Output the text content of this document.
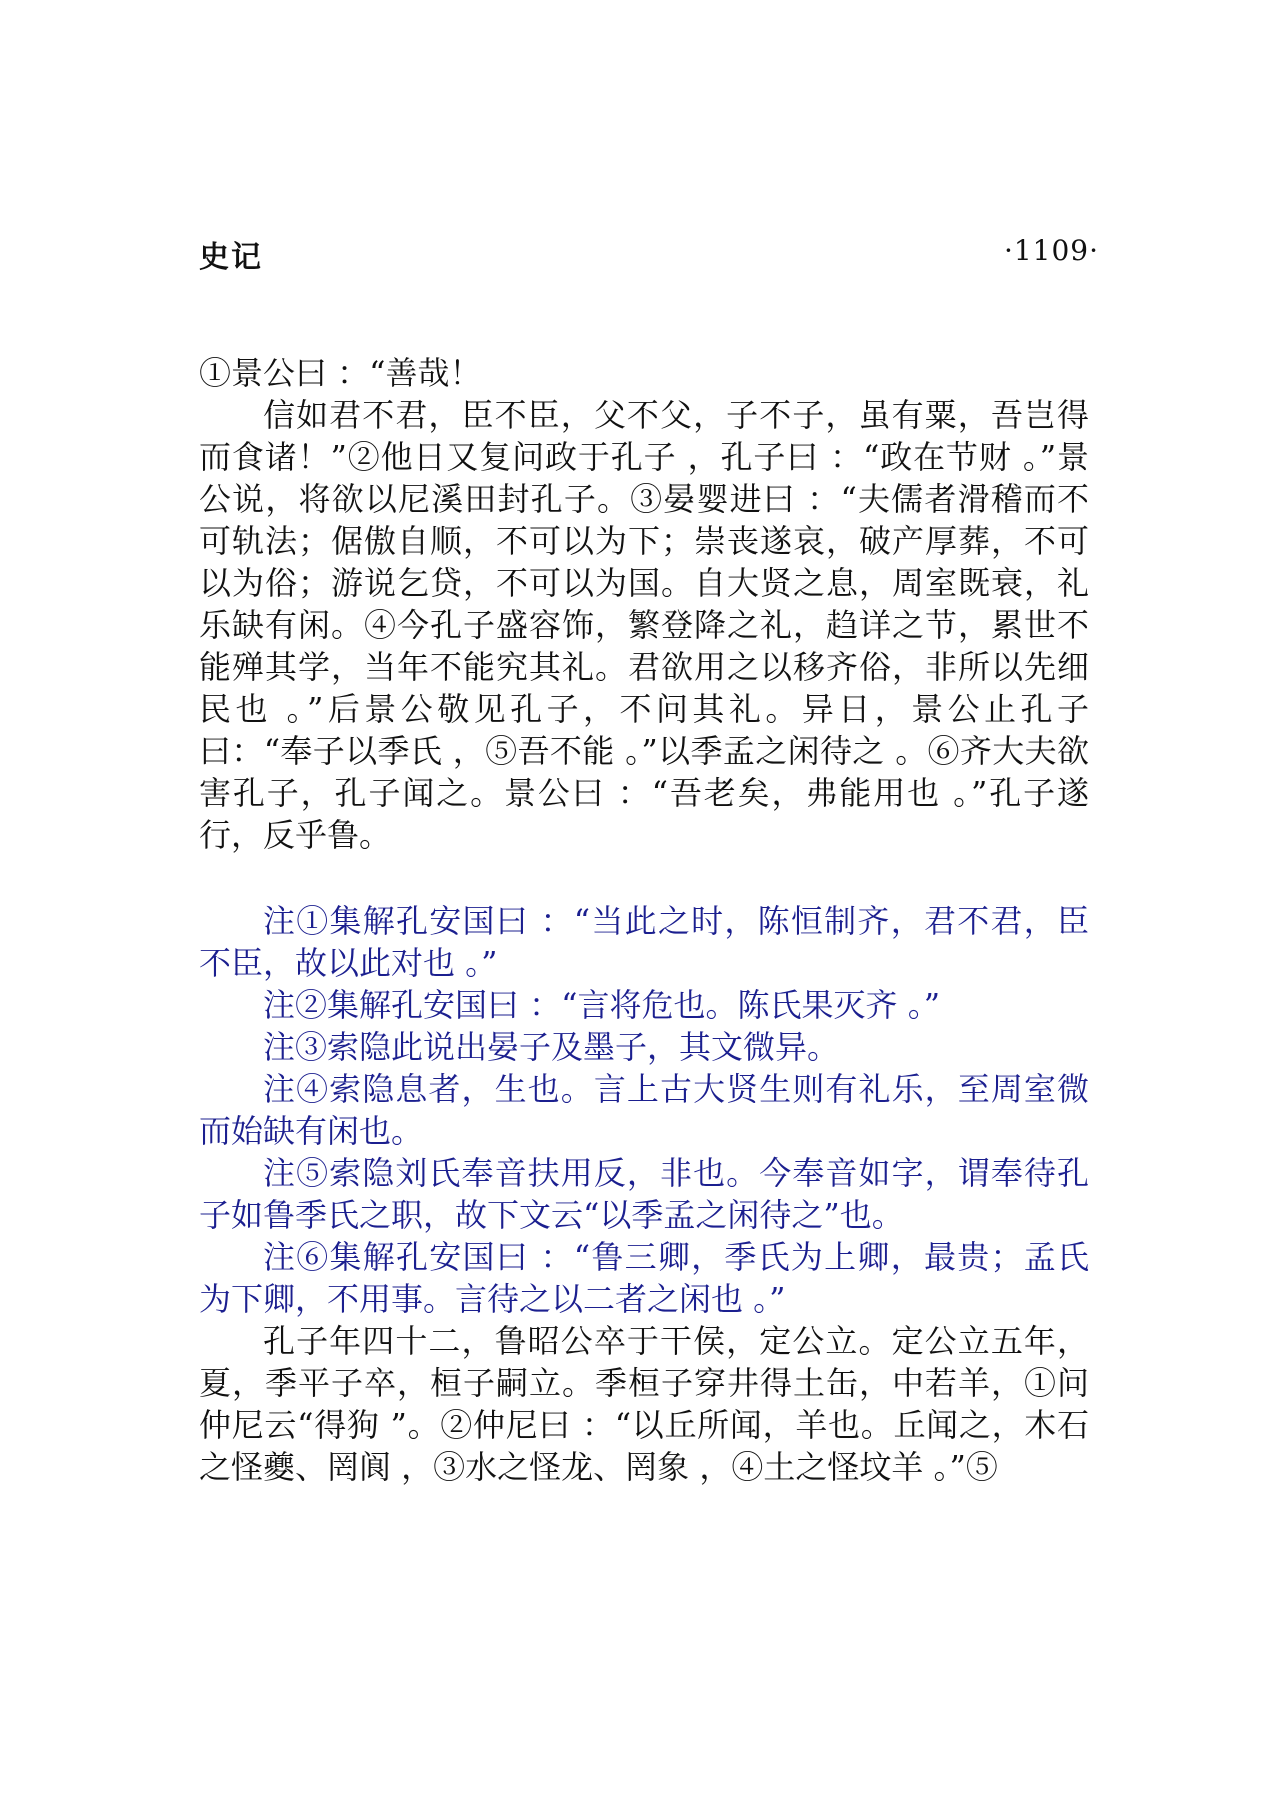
史记	·1109·

①景公曰 ：“善哉！

信如君不君，臣不臣，父不父，子不子，虽有粟，吾岂得而食诸！”②他日又复问政于孔子 ，孔子曰 ：“政在节财 。”景公说，将欲以尼溪田封孔子。③晏婴进曰 ：“夫儒者滑稽而不可轨法；倨傲自顺，不可以为下；崇丧遂哀，破产厚葬，不可以为俗；游说乞贷，不可以为国。自大贤之息，周室既衰，礼乐缺有闲。④今孔子盛容饰，繁登降之礼，趋详之节，累世不能殚其学，当年不能究其礼。君欲用之以移齐俗，非所以先细民也 。”后景公敬见孔子，不问其礼。异日，景公止孔子曰：“奉子以季氏 ，⑤吾不能 。”以季孟之闲待之 。⑥齐大夫欲害孔子，孔子闻之。景公曰 ：“吾老矣，弗能用也 。”孔子遂行，反乎鲁。

注①集解孔安国曰 ：“当此之时，陈恒制齐，君不君，臣不臣，故以此对也 。”

注②集解孔安国曰 ：“言将危也。陈氏果灭齐 。”

注③索隐此说出晏子及墨子，其文微异。

注④索隐息者，生也。言上古大贤生则有礼乐，至周室微而始缺有闲也。

注⑤索隐刘氏奉音扶用反，非也。今奉音如字，谓奉待孔子如鲁季氏之职，故下文云“以季孟之闲待之”也。

注⑥集解孔安国曰 ：“鲁三卿，季氏为上卿，最贵；孟氏为下卿，不用事。言待之以二者之闲也 。”

孔子年四十二，鲁昭公卒于干侯，定公立。定公立五年，夏，季平子卒，桓子嗣立。季桓子穿井得土缶，中若羊，①问仲尼云“得狗 ”。②仲尼曰 ：“以丘所闻，羊也。丘闻之，木石之怪夔、罔阆 ，③水之怪龙、罔象 ，④土之怪坟羊 。”⑤
